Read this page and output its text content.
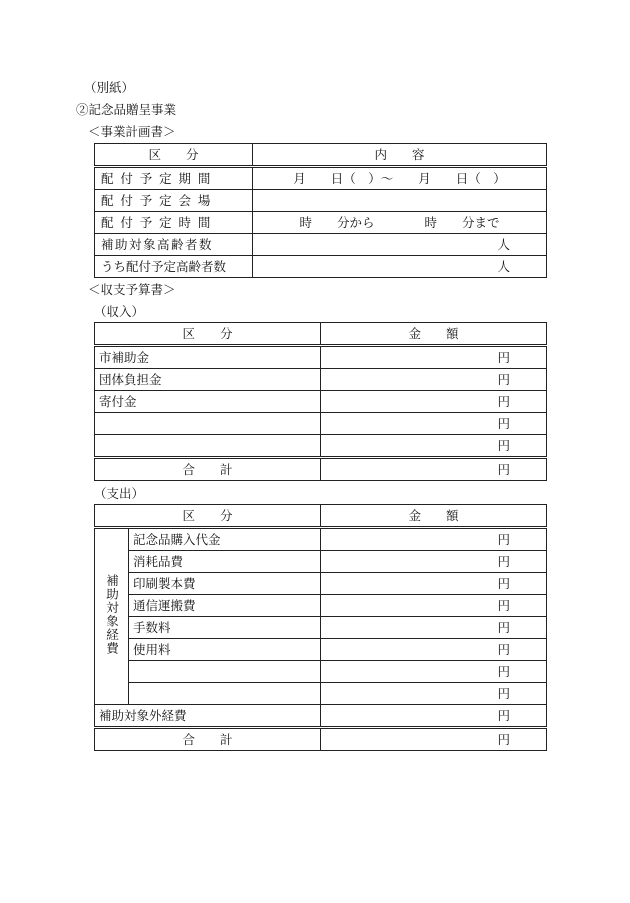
（別紙）
②記念品贈呈事業
＜事業計画書＞
区　　分	内　　容
配付予定期間	月　　日（　）～　　月　　日（　）
配付予定会場	
配付予定時間	時　　分から　　　　時　　分まで
補助対象高齢者数	人
うち配付予定高齢者数	人
＜収支予算書＞
（収入）
区　　分	金　　額
市補助金	円
団体負担金	円
寄付金	円
	円
	円
合　　計	円
（支出）
区　　分		金　　額
補助対象経費	記念品購入代金	円
	消耗品費	円
	印刷製本費	円
	通信運搬費	円
	手数料	円
	使用料	円
		円
		円
補助対象外経費		円
合　　計		円
